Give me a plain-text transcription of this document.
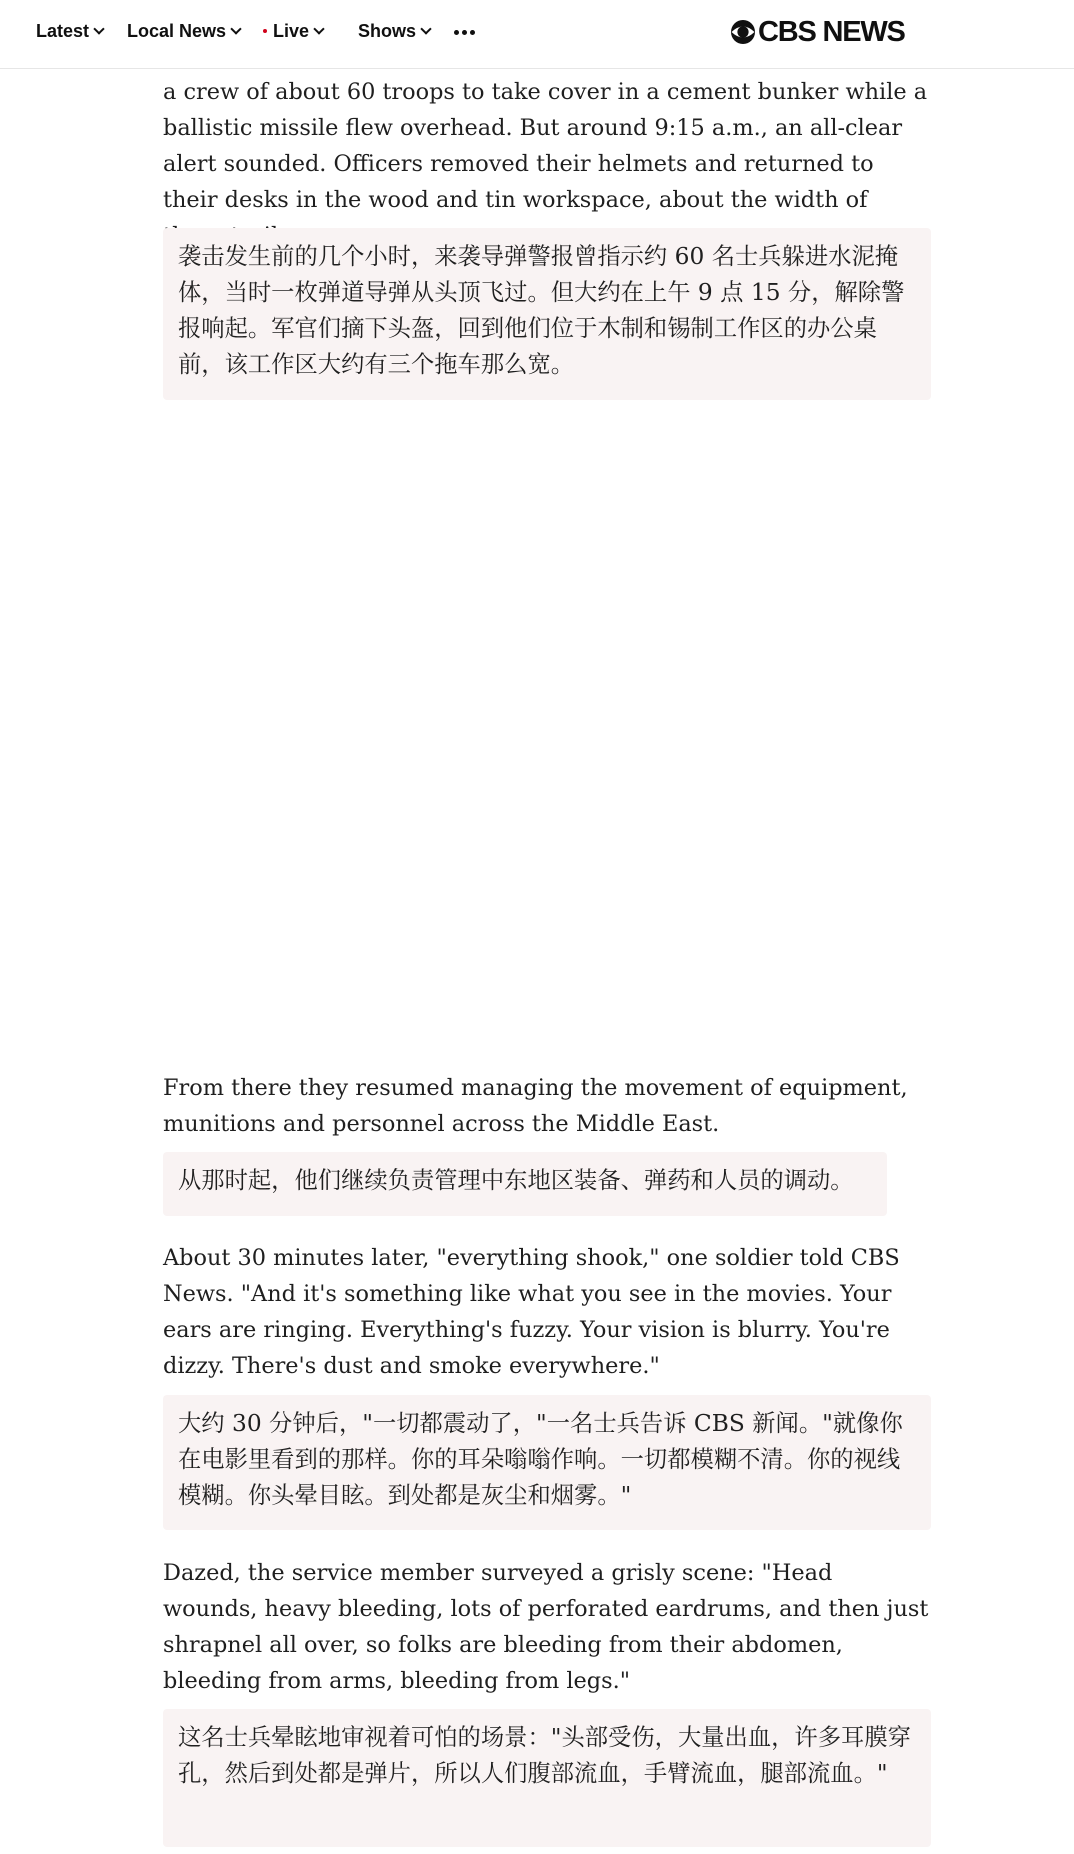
Latest	Local News	Live	Shows	CBS NEWS

a crew of about 60 troops to take cover in a cement bunker while a ballistic missile flew overhead. But around 9:15 a.m., an all-clear alert sounded. Officers removed their helmets and returned to their desks in the wood and tin workspace, about the width of

袭击发生前的几个小时，来袭导弹警报曾指示约 60 名士兵躲进水泥掩体，当时一枚弹道导弹从头顶飞过。但大约在上午 9 点 15 分，解除警报响起。军官们摘下头盔，回到他们位于木制和锡制工作区的办公桌前，该工作区大约有三个拖车那么宽。

From there they resumed managing the movement of equipment, munitions and personnel across the Middle East.

从那时起，他们继续负责管理中东地区装备、弹药和人员的调动。

About 30 minutes later, "everything shook," one soldier told CBS News. "And it's something like what you see in the movies. Your ears are ringing. Everything's fuzzy. Your vision is blurry. You're dizzy. There's dust and smoke everywhere."

大约 30 分钟后，"一切都震动了，"一名士兵告诉 CBS 新闻。"就像你在电影里看到的那样。你的耳朵嗡嗡作响。一切都模糊不清。你的视线模糊。你头晕目眩。到处都是灰尘和烟雾。"

Dazed, the service member surveyed a grisly scene: "Head wounds, heavy bleeding, lots of perforated eardrums, and then just shrapnel all over, so folks are bleeding from their abdomen, bleeding from arms, bleeding from legs."

这名士兵晕眩地审视着可怕的场景："头部受伤，大量出血，许多耳膜穿孔，然后到处都是弹片，所以人们腹部流血，手臂流血，腿部流血。"
